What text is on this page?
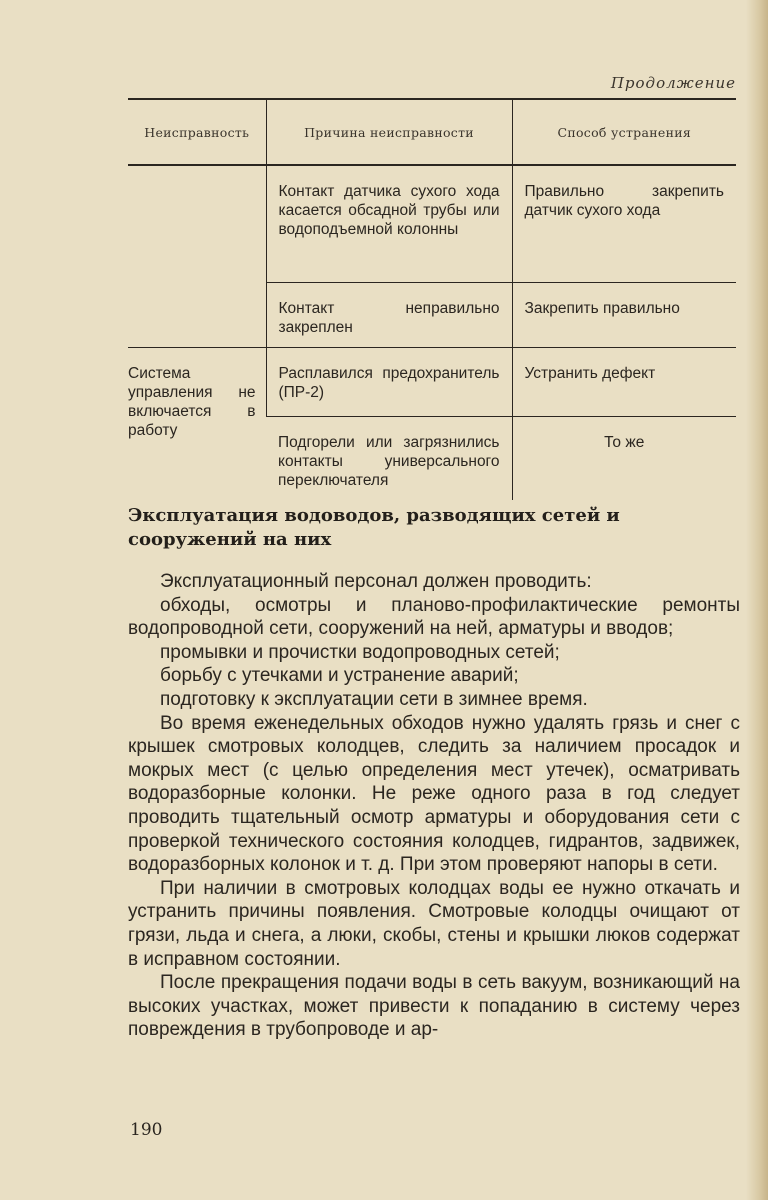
Продолжение
Неисправность	Причина неисправности	Способ устранения
	Контакт датчика сухого хода касается обсадной трубы или водоподъемной колонны	Правильно закрепить датчик сухого хода
	Контакт неправильно закреплен	Закрепить правильно
Система управления не включается в работу	Расплавился предохранитель (ПР-2)	Устранить дефект
	Подгорели или загрязнились контакты универсального переключателя	То же
Эксплуатация водоводов, разводящих сетей и сооружений на них

Эксплуатационный персонал должен проводить:

обходы, осмотры и планово-профилактические ремонты водопроводной сети, сооружений на ней, арматуры и вводов;

промывки и прочистки водопроводных сетей;

борьбу с утечками и устранение аварий;

подготовку к эксплуатации сети в зимнее время.

Во время еженедельных обходов нужно удалять грязь и снег с крышек смотровых колодцев, следить за наличием просадок и мокрых мест (с целью определения мест утечек), осматривать водоразборные колонки. Не реже одного раза в год следует проводить тщательный осмотр арматуры и оборудования сети с проверкой технического состояния колодцев, гидрантов, задвижек, водоразборных колонок и т. д. При этом проверяют напоры в сети.

При наличии в смотровых колодцах воды ее нужно откачать и устранить причины появления. Смотровые колодцы очищают от грязи, льда и снега, а люки, скобы, стены и крышки люков содержат в исправном состоянии.

После прекращения подачи воды в сеть вакуум, возникающий на высоких участках, может привести к попаданию в систему через повреждения в трубопроводе и ар-

190
